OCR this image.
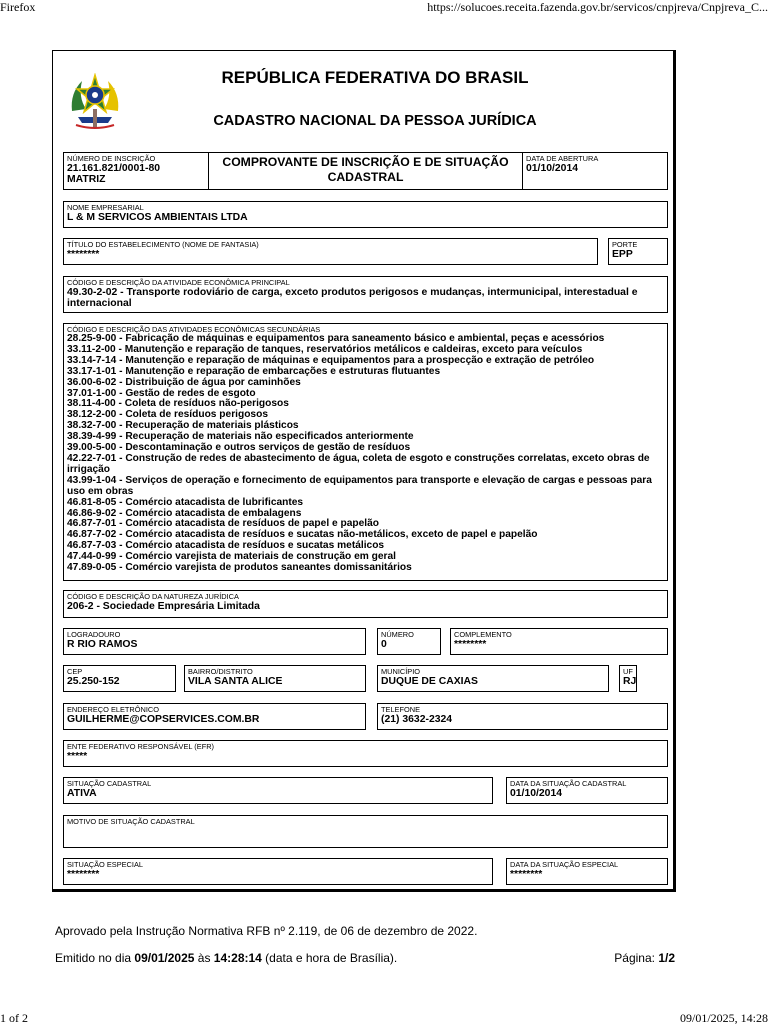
Firefox	https://solucoes.receita.fazenda.gov.br/servicos/cnpjreva/Cnpjreva_C...
1 of 2	09/01/2025, 14:28
REPÚBLICA FEDERATIVA DO BRASIL
CADASTRO NACIONAL DA PESSOA JURÍDICA
NÚMERO DE INSCRIÇÃO
21.161.821/0001-80
MATRIZ
COMPROVANTE DE INSCRIÇÃO E DE SITUAÇÃO
CADASTRAL
DATA DE ABERTURA
01/10/2014
NOME EMPRESARIAL
L & M SERVICOS AMBIENTAIS LTDA
TÍTULO DO ESTABELECIMENTO (NOME DE FANTASIA)
********
PORTE
EPP
CÓDIGO E DESCRIÇÃO DA ATIVIDADE ECONÔMICA PRINCIPAL
49.30-2-02 - Transporte rodoviário de carga, exceto produtos perigosos e mudanças, intermunicipal, interestadual e internacional
CÓDIGO E DESCRIÇÃO DAS ATIVIDADES ECONÔMICAS SECUNDÁRIAS
28.25-9-00 - Fabricação de máquinas e equipamentos para saneamento básico e ambiental, peças e acessórios
33.11-2-00 - Manutenção e reparação de tanques, reservatórios metálicos e caldeiras, exceto para veículos
33.14-7-14 - Manutenção e reparação de máquinas e equipamentos para a prospecção e extração de petróleo
33.17-1-01 - Manutenção e reparação de embarcações e estruturas flutuantes
36.00-6-02 - Distribuição de água por caminhões
37.01-1-00 - Gestão de redes de esgoto
38.11-4-00 - Coleta de resíduos não-perigosos
38.12-2-00 - Coleta de resíduos perigosos
38.32-7-00 - Recuperação de materiais plásticos
38.39-4-99 - Recuperação de materiais não especificados anteriormente
39.00-5-00 - Descontaminação e outros serviços de gestão de resíduos
42.22-7-01 - Construção de redes de abastecimento de água, coleta de esgoto e construções correlatas, exceto obras de irrigação
43.99-1-04 - Serviços de operação e fornecimento de equipamentos para transporte e elevação de cargas e pessoas para uso em obras
46.81-8-05 - Comércio atacadista de lubrificantes
46.86-9-02 - Comércio atacadista de embalagens
46.87-7-01 - Comércio atacadista de resíduos de papel e papelão
46.87-7-02 - Comércio atacadista de resíduos e sucatas não-metálicos, exceto de papel e papelão
46.87-7-03 - Comércio atacadista de resíduos e sucatas metálicos
47.44-0-99 - Comércio varejista de materiais de construção em geral
47.89-0-05 - Comércio varejista de produtos saneantes domissanitários
CÓDIGO E DESCRIÇÃO DA NATUREZA JURÍDICA
206-2 - Sociedade Empresária Limitada
LOGRADOURO
R RIO RAMOS
NÚMERO
0
COMPLEMENTO
********
CEP
25.250-152
BAIRRO/DISTRITO
VILA SANTA ALICE
MUNICÍPIO
DUQUE DE CAXIAS
UF
RJ
ENDEREÇO ELETRÔNICO
GUILHERME@COPSERVICES.COM.BR
TELEFONE
(21) 3632-2324
ENTE FEDERATIVO RESPONSÁVEL (EFR)
*****
SITUAÇÃO CADASTRAL
ATIVA
DATA DA SITUAÇÃO CADASTRAL
01/10/2014
MOTIVO DE SITUAÇÃO CADASTRAL
SITUAÇÃO ESPECIAL
********
DATA DA SITUAÇÃO ESPECIAL
********
Aprovado pela Instrução Normativa RFB nº 2.119, de 06 de dezembro de 2022.
Emitido no dia 09/01/2025 às 14:28:14 (data e hora de Brasília).	Página: 1/2
